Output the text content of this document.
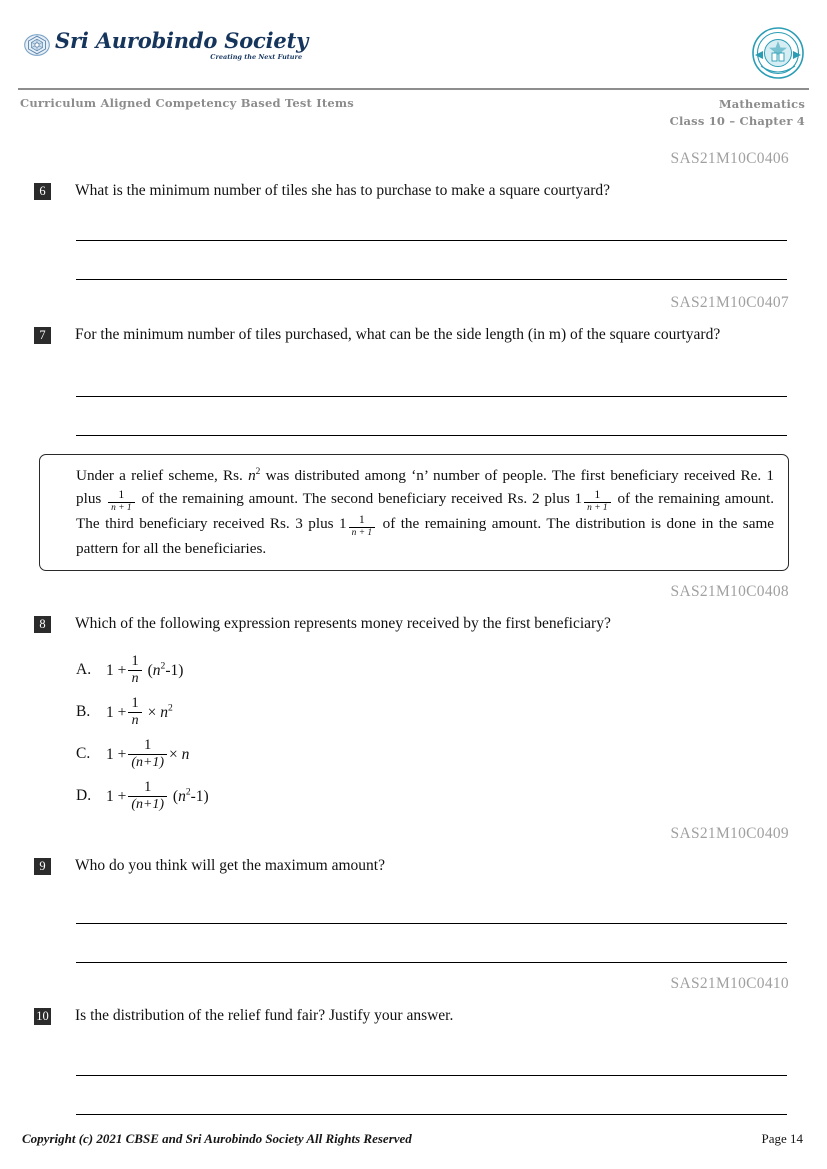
Sri Aurobindo Society
Creating the Next Future
Curriculum Aligned Competency Based Test Items	Mathematics
Class 10 – Chapter 4
SAS21M10C0406
6	What is the minimum number of tiles she has to purchase to make a square courtyard?
SAS21M10C0407
7	For the minimum number of tiles purchased, what can be the side length (in m) of the square courtyard?
Under a relief scheme, Rs. $n^2$ was distributed among ‘n’ number of people. The first beneficiary received Re. 1 plus $\frac{1}{n + 1}$ of the remaining amount. The second beneficiary received Rs. 2 plus $1 \frac{1}{n + 1}$ of the remaining amount. The third beneficiary received Rs. 3 plus $1 \frac{1}{n + 1}$ of the remaining amount. The distribution is done in the same pattern for all the beneficiaries.
SAS21M10C0408
8	Which of the following expression represents money received by the first beneficiary?
A. $1 + \frac{1}{n} (n^2-1)$
B.	$1 + \frac{1}{n} \times n^2$
C.	$1 + \frac{1}{(n+1)} \times n$
D. $1 + \frac{1}{(n+1)} (n^2-1)$
SAS21M10C0409
9	Who do you think will get the maximum amount?
SAS21M10C0410
10 Is the distribution of the relief fund fair? Justify your answer.
Copyright (c) 2021 CBSE and Sri Aurobindo Society All Rights Reserved	Page 14
